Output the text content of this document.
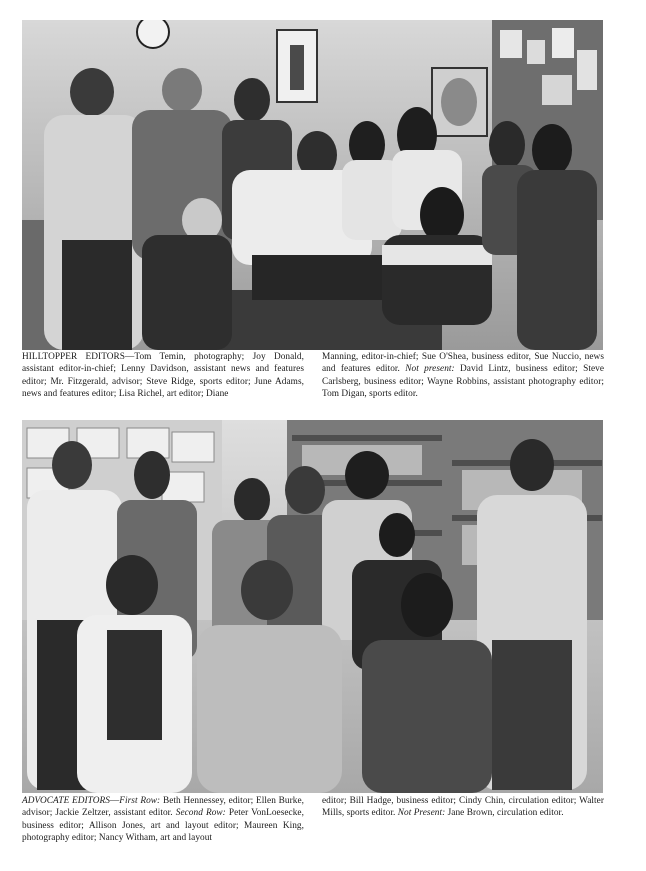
HILLTOPPER EDITORS—Tom Temin, photography; Joy Donald, assistant editor-in-chief; Lenny Davidson, assistant news and features editor; Mr. Fitzgerald, advisor; Steve Ridge, sports editor; June Adams, news and features editor; Lisa Richel, art editor; Diane
Manning, editor-in-chief; Sue O'Shea, business editor, Sue Nuccio, news and features editor. Not present: David Lintz, business editor; Steve Carlsberg, business editor; Wayne Robbins, assistant photography editor; Tom Digan, sports editor.
ADVOCATE EDITORS—First Row: Beth Hennessey, editor; Ellen Burke, advisor; Jackie Zeltzer, assistant editor. Second Row: Peter VonLoesecke, business editor; Allison Jones, art and layout editor; Maureen King, photography editor; Nancy Witham, art and layout
editor; Bill Hadge, business editor; Cindy Chin, circulation editor; Walter Mills, sports editor. Not Present: Jane Brown, circulation editor.
